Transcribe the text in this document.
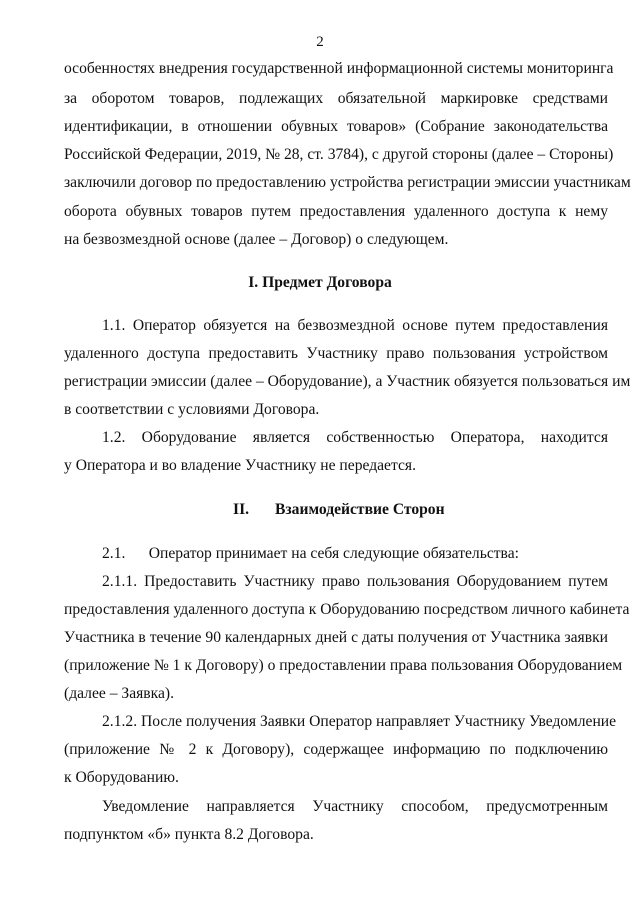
2
особенностях внедрения государственной информационной системы мониторинга
за оборотом товаров, подлежащих обязательной маркировке средствами
идентификации, в отношении обувных товаров» (Собрание законодательства
Российской Федерации, 2019, № 28, ст. 3784), с другой стороны (далее – Стороны)
заключили договор по предоставлению устройства регистрации эмиссии участникам
оборота обувных товаров путем предоставления удаленного доступа к нему
на безвозмездной основе (далее – Договор) о следующем.
I. Предмет Договора
1.1. Оператор обязуется на безвозмездной основе путем предоставления
удаленного доступа предоставить Участнику право пользования устройством
регистрации эмиссии (далее – Оборудование), а Участник обязуется пользоваться им
в соответствии с условиями Договора.
1.2. Оборудование является собственностью Оператора, находится
у Оператора и во владение Участнику не передается.
II. Взаимодействие Сторон
2.1.      Оператор принимает на себя следующие обязательства:
2.1.1. Предоставить Участнику право пользования Оборудованием путем
предоставления удаленного доступа к Оборудованию посредством личного кабинета
Участника в течение 90 календарных дней с даты получения от Участника заявки
(приложение № 1 к Договору) о предоставлении права пользования Оборудованием
(далее – Заявка).
2.1.2. После получения Заявки Оператор направляет Участнику Уведомление
(приложение № 2 к Договору), содержащее информацию по подключению
к Оборудованию.
Уведомление направляется Участнику способом, предусмотренным
подпунктом «б» пункта 8.2 Договора.
